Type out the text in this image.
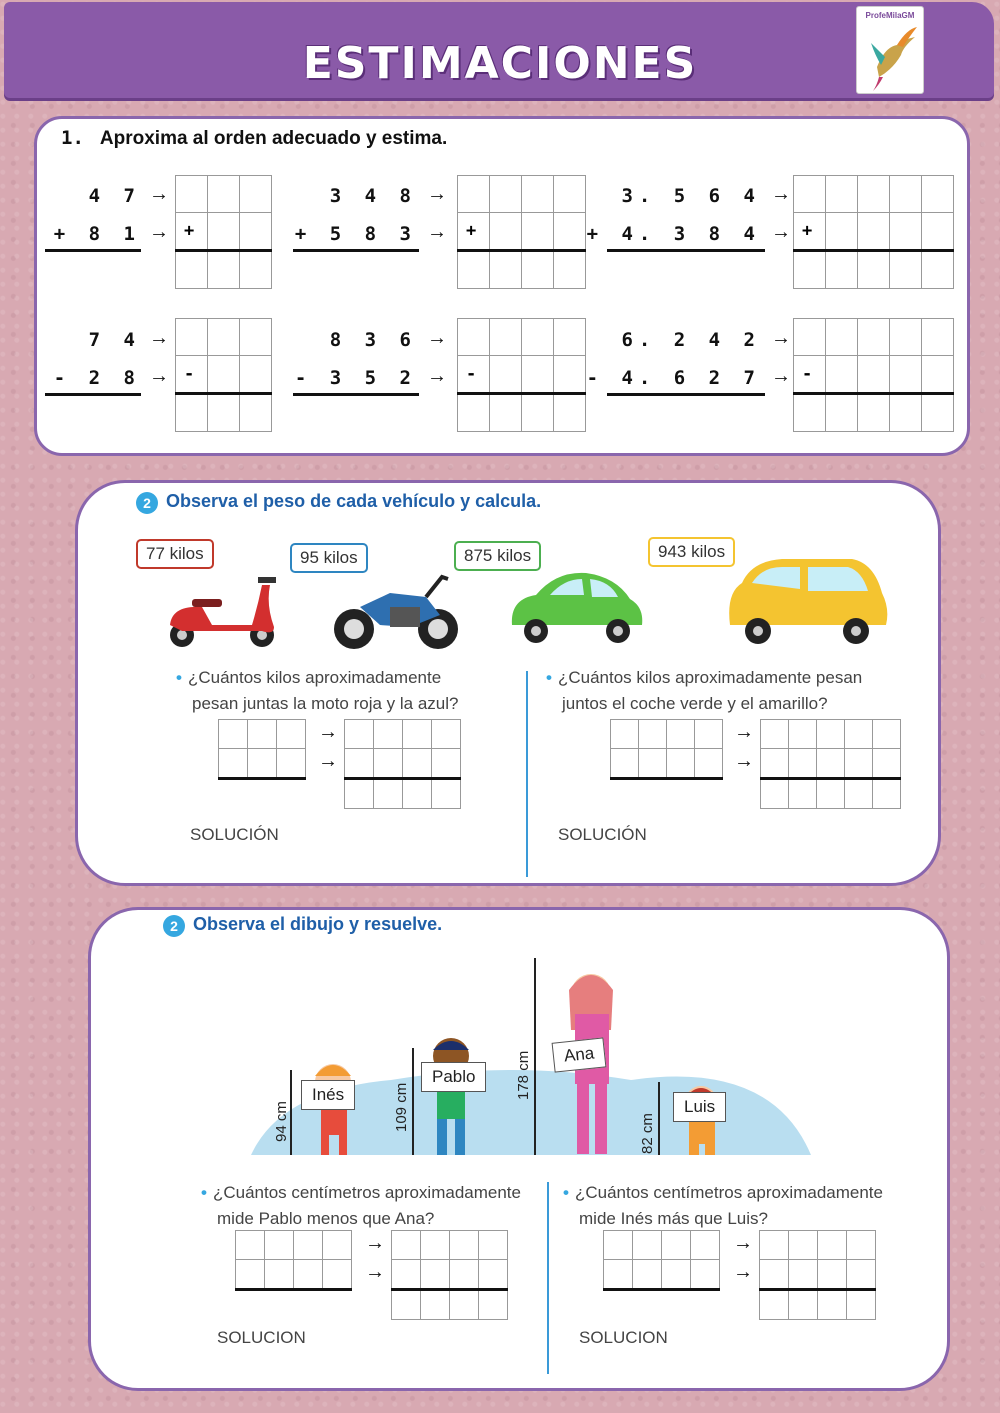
ESTIMACIONES
ProfeMilaGM
1. Aproxima al orden adecuado y estima.
4 7
+ 8 1
→
→
		+		

3 4 8
+ 5 8 3
→
→
			+			

3. 5 6 4
+ 4. 3 8 4
→
→
				+				

7 4
- 2 8
→
→
		-		

8 3 6
- 3 5 2
→
→
			-			

6. 2 4 2
- 4. 6 2 7
→
→
				-				

2 Observa el peso de cada vehículo y calcula.
77 kilos	95 kilos	875 kilos	943 kilos
• ¿Cuántos kilos aproximadamente
pesan juntas la moto roja y la azul?
• ¿Cuántos kilos aproximadamente pesan
juntos el coche verde y el amarillo?

→
→

→
→
SOLUCIÓN	SOLUCIÓN
2 Observa el dibujo y resuelve.
94 cm	109 cm
178 cm
82 cm
Inés
Pablo
Ana
Luis
• ¿Cuántos centímetros aproximadamente
mide Pablo menos que Ana?
• ¿Cuántos centímetros aproximadamente
mide Inés más que Luis?

→
→

→
→
SOLUCION	SOLUCION
